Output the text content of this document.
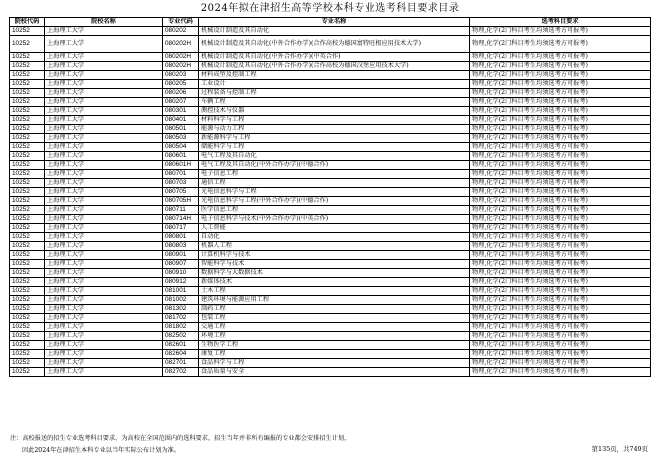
2024年拟在津招生高等学校本科专业选考科目要求目录
院校代码	院校名称	专业代码	专业名称	选考科目要求
10252	上海理工大学	080202	机械设计制造及其自动化	物理,化学(2门科目考生均须选考方可报考)
10252	上海理工大学	080202H	机械设计制造及其自动化(中外合作办学)(合作高校为德国富特旺根应用技术大学)	物理,化学(2门科目考生均须选考方可报考)
10252	上海理工大学	080202H	机械设计制造及其自动化(中外合作办学)(中英合作)	物理,化学(2门科目考生均须选考方可报考)
10252	上海理工大学	080202H	机械设计制造及其自动化(中外合作办学)(合作高校为德国汉堡应用技术大学)	物理,化学(2门科目考生均须选考方可报考)
10252	上海理工大学	080203	材料成型及控制工程	物理,化学(2门科目考生均须选考方可报考)
10252	上海理工大学	080205	工业设计	物理,化学(2门科目考生均须选考方可报考)
10252	上海理工大学	080206	过程装备与控制工程	物理,化学(2门科目考生均须选考方可报考)
10252	上海理工大学	080207	车辆工程	物理,化学(2门科目考生均须选考方可报考)
10252	上海理工大学	080301	测控技术与仪器	物理,化学(2门科目考生均须选考方可报考)
10252	上海理工大学	080401	材料科学与工程	物理,化学(2门科目考生均须选考方可报考)
10252	上海理工大学	080501	能源与动力工程	物理,化学(2门科目考生均须选考方可报考)
10252	上海理工大学	080503	新能源科学与工程	物理,化学(2门科目考生均须选考方可报考)
10252	上海理工大学	080504	储能科学与工程	物理,化学(2门科目考生均须选考方可报考)
10252	上海理工大学	080601	电气工程及其自动化	物理,化学(2门科目考生均须选考方可报考)
10252	上海理工大学	080601H	电气工程及其自动化(中外合作办学)(中德合作)	物理,化学(2门科目考生均须选考方可报考)
10252	上海理工大学	080701	电子信息工程	物理,化学(2门科目考生均须选考方可报考)
10252	上海理工大学	080703	通信工程	物理,化学(2门科目考生均须选考方可报考)
10252	上海理工大学	080705	光电信息科学与工程	物理,化学(2门科目考生均须选考方可报考)
10252	上海理工大学	080705H	光电信息科学与工程(中外合作办学)(中德合作)	物理,化学(2门科目考生均须选考方可报考)
10252	上海理工大学	080711	医学信息工程	物理,化学(2门科目考生均须选考方可报考)
10252	上海理工大学	080714H	电子信息科学与技术(中外合作办学)(中英合作)	物理,化学(2门科目考生均须选考方可报考)
10252	上海理工大学	080717	人工智能	物理,化学(2门科目考生均须选考方可报考)
10252	上海理工大学	080801	自动化	物理,化学(2门科目考生均须选考方可报考)
10252	上海理工大学	080803	机器人工程	物理,化学(2门科目考生均须选考方可报考)
10252	上海理工大学	080901	计算机科学与技术	物理,化学(2门科目考生均须选考方可报考)
10252	上海理工大学	080907	智能科学与技术	物理,化学(2门科目考生均须选考方可报考)
10252	上海理工大学	080910	数据科学与大数据技术	物理,化学(2门科目考生均须选考方可报考)
10252	上海理工大学	080912	新媒体技术	物理,化学(2门科目考生均须选考方可报考)
10252	上海理工大学	081001	土木工程	物理,化学(2门科目考生均须选考方可报考)
10252	上海理工大学	081002	建筑环境与能源应用工程	物理,化学(2门科目考生均须选考方可报考)
10252	上海理工大学	081302	制药工程	物理,化学(2门科目考生均须选考方可报考)
10252	上海理工大学	081702	包装工程	物理,化学(2门科目考生均须选考方可报考)
10252	上海理工大学	081802	交通工程	物理,化学(2门科目考生均须选考方可报考)
10252	上海理工大学	082502	环境工程	物理,化学(2门科目考生均须选考方可报考)
10252	上海理工大学	082601	生物医学工程	物理,化学(2门科目考生均须选考方可报考)
10252	上海理工大学	082604	康复工程	物理,化学(2门科目考生均须选考方可报考)
10252	上海理工大学	082701	食品科学与工程	物理,化学(2门科目考生均须选考方可报考)
10252	上海理工大学	082702	食品质量与安全	物理,化学(2门科目考生均须选考方可报考)
注：高校报送的招生专业选考科目要求，为高校在全国范围内的选科要求，招生当年并非所有编报的专业都会安排招生计划，
因此2024年在津招生本科专业以当年实际公布计划为准。	第135页，共749页
